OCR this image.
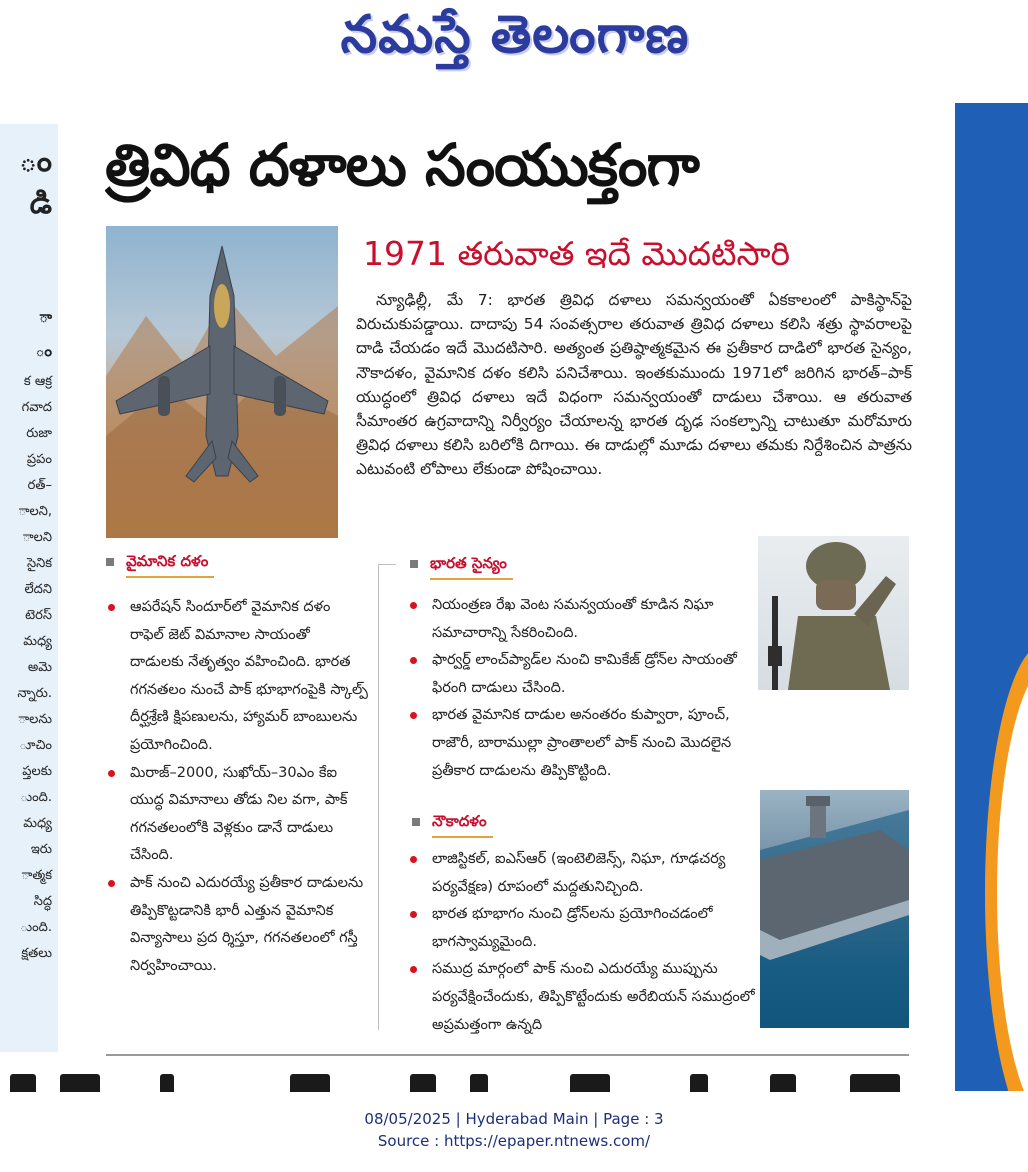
నమస్తే తెలంగాణ
ం
డి
ా
ం
క ఆక్ర
గవాద
రుజా
ప్రపం
రత్–
ాలని,
ాలని
సైనిక
లేదని
టెరస్
మధ్య
అమె
న్నారు.
ాలను
ూచిం
ప్తలకు
ుంది.
మధ్య
ఇరు
ాత్మక
సిద్ధ
ుంది.
క్షతలు
త్రివిధ దళాలు సంయుక్తంగా
1971 తరువాత ఇదే మొదటిసారి

న్యూఢిల్లీ, మే 7: భారత త్రివిధ దళాలు సమన్వయంతో ఏకకాలంలో పాకిస్థాన్‌పై విరుచుకుపడ్డాయి. దాదాపు 54 సంవత్సరాల తరువాత త్రివిధ దళాలు కలిసి శత్రు స్థావరాలపై దాడి చేయడం ఇదే మొదటిసారి. అత్యంత ప్రతిష్ఠాత్మకమైన ఈ ప్రతీకార దాడిలో భారత సైన్యం, నౌకాదళం, వైమానిక దళం కలిసి పనిచేశాయి. ఇంతకుముందు 1971లో జరిగిన భారత్‌–పాక్‌ యుద్ధంలో త్రివిధ దళాలు ఇదే విధంగా సమన్వయంతో దాడులు చేశాయి. ఆ తరువాత సీమాంతర ఉగ్రవాదాన్ని నిర్వీర్యం చేయాలన్న భారత దృఢ సంకల్పాన్ని చాటుతూ మరోమారు త్రివిధ దళాలు కలిసి బరిలోకి దిగాయి. ఈ దాడుల్లో మూడు దళాలు తమకు నిర్దేశించిన పాత్రను ఎటువంటి లోపాలు లేకుండా పోషించాయి.

వైమానిక దళం
ఆపరేషన్‌ సిందూర్‌లో వైమానిక దళం రాఫెల్‌ జెట్‌ విమానాల సాయంతో దాడులకు నేతృత్వం వహించింది. భారత గగనతలం నుంచే పాక్‌ భూభాగంపైకి స్కాల్ప్‌ దీర్ఘశ్రేణి క్షిపణులను, హ్యామర్‌ బాంబులను ప్రయోగించింది.
మిరాజ్‌–2000, సుఖోయ్‌–30ఎం కేఐ యుద్ధ విమానాలు తోడు నిల వగా, పాక్‌ గగనతలంలోకి వెళ్లకుం డానే దాడులు చేసింది.
పాక్‌ నుంచి ఎదురయ్యే ప్రతీకార దాడులను తిప్పికొట్టడానికి భారీ ఎత్తున వైమానిక విన్యాసాలు ప్రద ర్శిస్తూ, గగనతలంలో గస్తీ నిర్వహించాయి.
భారత సైన్యం
నియంత్రణ రేఖ వెంట సమన్వయంతో కూడిన నిఘా సమాచారాన్ని సేకరించింది.
ఫార్వర్డ్‌ లాంచ్‌ప్యాడ్‌ల నుంచి కామికేజ్‌ డ్రోన్‌ల సాయంతో ఫిరంగి దాడులు చేసింది.
భారత వైమానిక దాడుల అనంతరం కుప్వారా, పూంచ్‌, రాజౌరీ, బారాముల్లా ప్రాంతాలలో పాక్‌ నుంచి మొదలైన ప్రతీకార దాడులను తిప్పికొట్టింది.
నౌకాదళం
లాజిస్టికల్‌, ఐఎస్‌ఆర్‌ (ఇంటెలిజెన్స్‌, నిఘా, గూఢచర్య పర్యవేక్షణ) రూపంలో మద్దతునిచ్చింది.
భారత భూభాగం నుంచి డ్రోన్‌లను ప్రయోగించడంలో భాగస్వామ్యమైంది.
సముద్ర మార్గంలో పాక్‌ నుంచి ఎదురయ్యే ముప్పును పర్యవేక్షించేందుకు, తిప్పికొట్టేందుకు అరేబియన్‌ సముద్రంలో అప్రమత్తంగా ఉన్నది
08/05/2025 | Hyderabad Main | Page : 3
Source : https://epaper.ntnews.com/
